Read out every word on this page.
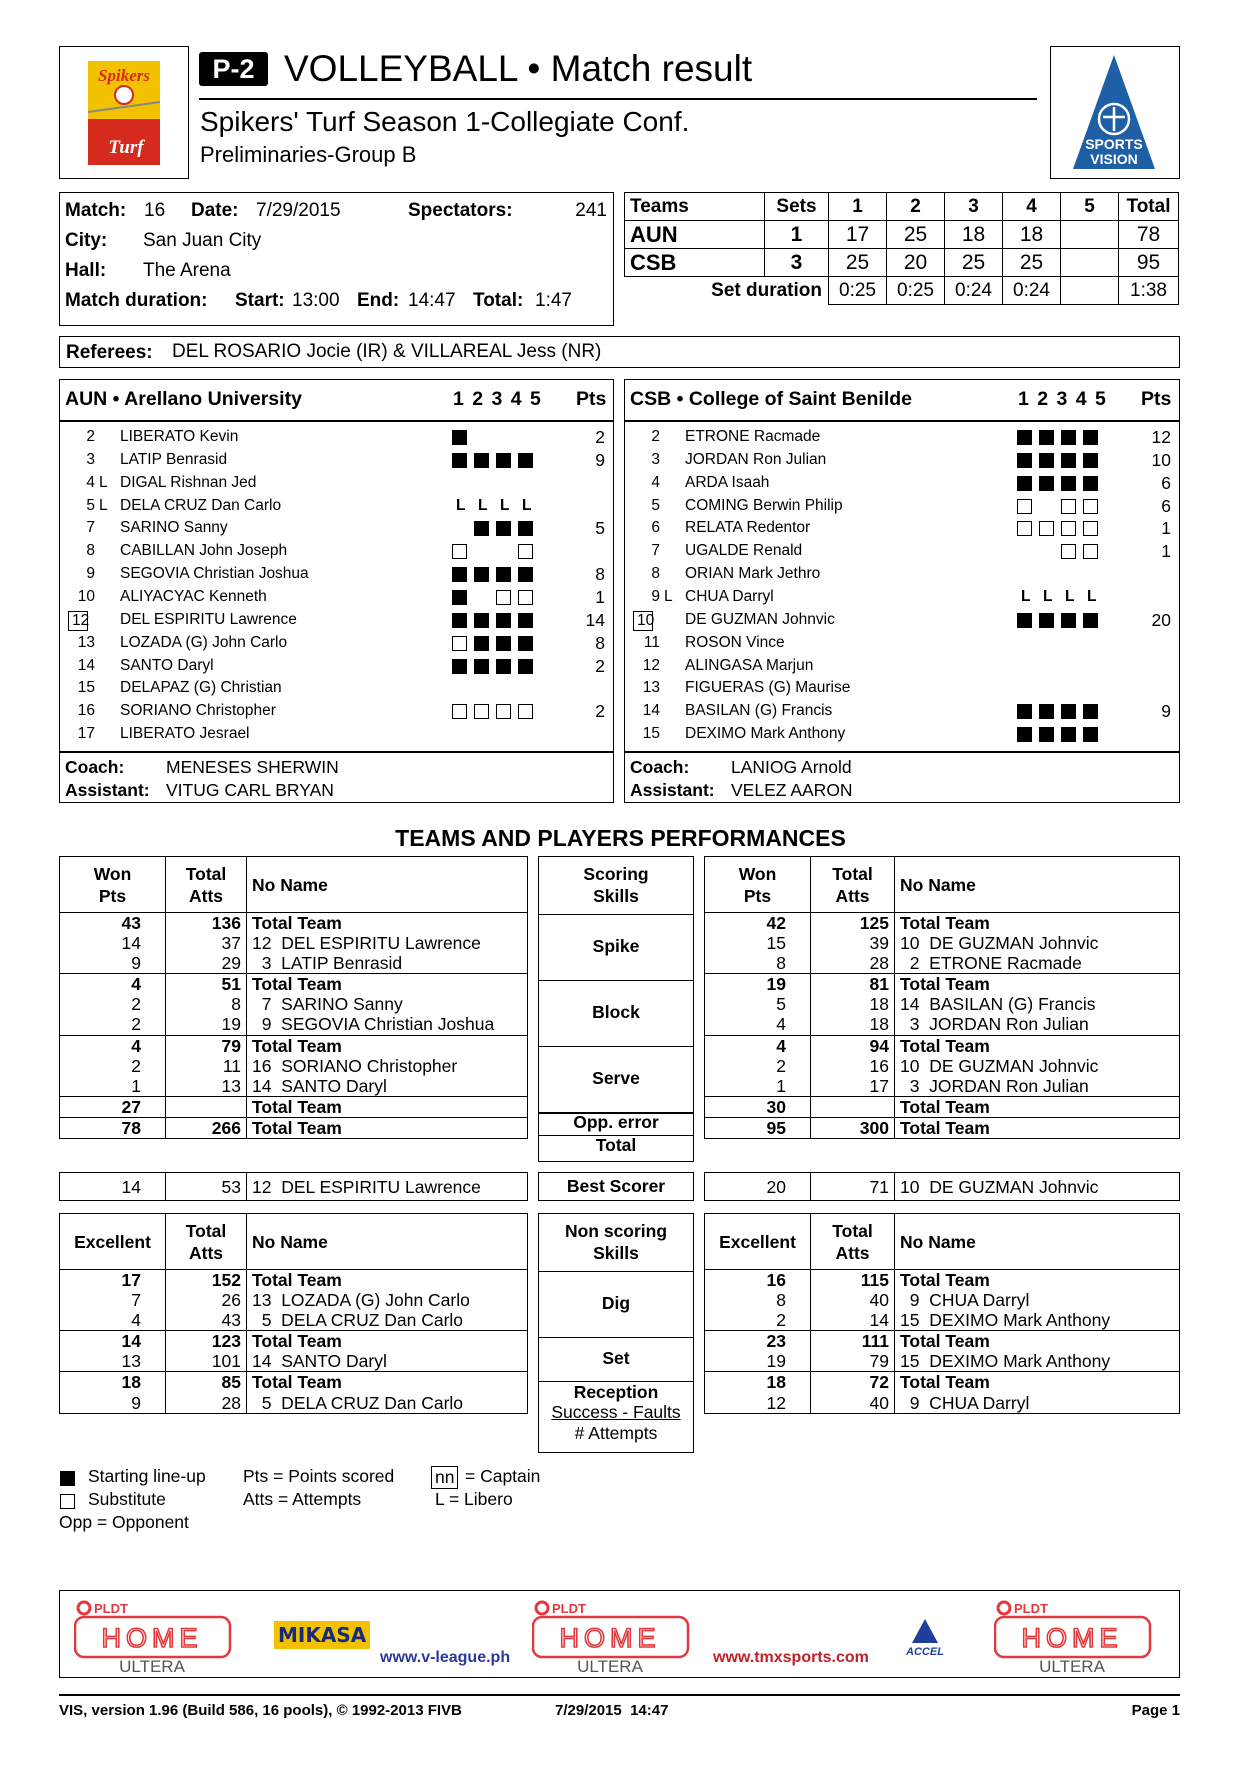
Spikers
Turf
P-2 VOLLEYBALL • Match result
Spikers' Turf Season 1-Collegiate Conf.
Preliminaries-Group B	SPORTS
VISION
Match: 16 Date: 7/29/2015	Spectators:	241
City: San Juan City
Hall: The Arena
Match duration: Start: 13:00 End: 14:47 Total: 1:47
Teams	Sets	1	2	3	4	5	Total
AUN	1	17	25	18	18		78
CSB	3	25	20	25	25		95
Set duration		0:25	0:25	0:24	0:24		1:38
Referees: DEL ROSARIO Jocie (IR) & VILLAREAL Jess (NR)
AUN • Arellano University	1 2 3 4 5 Pts
2 LIBERATO Kevin	2
3 LATIP Benrasid	9
4 L DIGAL Rishnan Jed
5 L DELA CRUZ Dan Carlo	L L L L
7 SARINO Sanny	5
8 CABILLAN John Joseph
9 SEGOVIA Christian Joshua	8
10 ALIYACYAC Kenneth	1
12 DEL ESPIRITU Lawrence	14
13 LOZADA (G) John Carlo	8
14 SANTO Daryl	2
15 DELAPAZ (G) Christian
16 SORIANO Christopher	2
17 LIBERATO Jesrael
Coach: MENESES SHERWIN
Assistant: VITUG CARL BRYAN
CSB • College of Saint Benilde	1 2 3 4 5 Pts
2 ETRONE Racmade	12
3 JORDAN Ron Julian	10
4 ARDA Isaah	6
5 COMING Berwin Philip	6
6 RELATA Redentor	1
7 UGALDE Renald	1
8 ORIAN Mark Jethro
9 L CHUA Darryl	L L L L
10 DE GUZMAN Johnvic	20
11 ROSON Vince
12 ALINGASA Marjun
13 FIGUERAS (G) Maurise
14 BASILAN (G) Francis	9
15 DEXIMO Mark Anthony
Coach: LANIOG Arnold
Assistant: VELEZ AARON
TEAMS AND PLAYERS PERFORMANCES
Won
Pts	Total
Atts	No Name
43	136	Total Team
14	37	12  DEL ESPIRITU Lawrence
9	29	3  LATIP Benrasid
4	51	Total Team
2	8	7  SARINO Sanny
2	19	9  SEGOVIA Christian Joshua
4	79	Total Team
2	11	16  SORIANO Christopher
1	13	14  SANTO Daryl
27		Total Team
78	266	Total Team
Scoring
Skills
Spike
Block
Serve
Opp. error
Total
Won
Pts	Total
Atts	No Name
42	125	Total Team
15	39	10  DE GUZMAN Johnvic
8	28	2  ETRONE Racmade
19	81	Total Team
5	18	14  BASILAN (G) Francis
4	18	3  JORDAN Ron Julian
4	94	Total Team
2	16	10  DE GUZMAN Johnvic
1	17	3  JORDAN Ron Julian
30		Total Team
95	300	Total Team
14	53	12  DEL ESPIRITU Lawrence	Best Scorer	20	71	10  DE GUZMAN Johnvic
Excellent	Total
Atts	No Name
17	152	Total Team
7	26	13  LOZADA (G) John Carlo
4	43	5  DELA CRUZ Dan Carlo
14	123	Total Team
13	101	14  SANTO Daryl
18	85	Total Team
9	28	5  DELA CRUZ Dan Carlo
Non scoring
Skills
Dig
Set
Reception
Success - Faults
# Attempts
Excellent	Total
Atts	No Name
16	115	Total Team
8	40	9  CHUA Darryl
2	14	15  DEXIMO Mark Anthony
23	111	Total Team
19	79	15  DEXIMO Mark Anthony
18	72	Total Team
12	40	9  CHUA Darryl
Starting line-up
Substitute
Opp = Opponent
Pts = Points scored
Atts = Attempts
nn = Captain
L = Libero
PLDT
HOME
ULTERA
MIKASA
www.v-league.ph
PLDT
HOME
ULTERA	www.tmxsports.com	ACCEL
PLDT
HOME
ULTERA
VIS, version 1.96 (Build 586, 16 pools), © 1992-2013 FIVB	7/29/2015  14:47	Page 1
